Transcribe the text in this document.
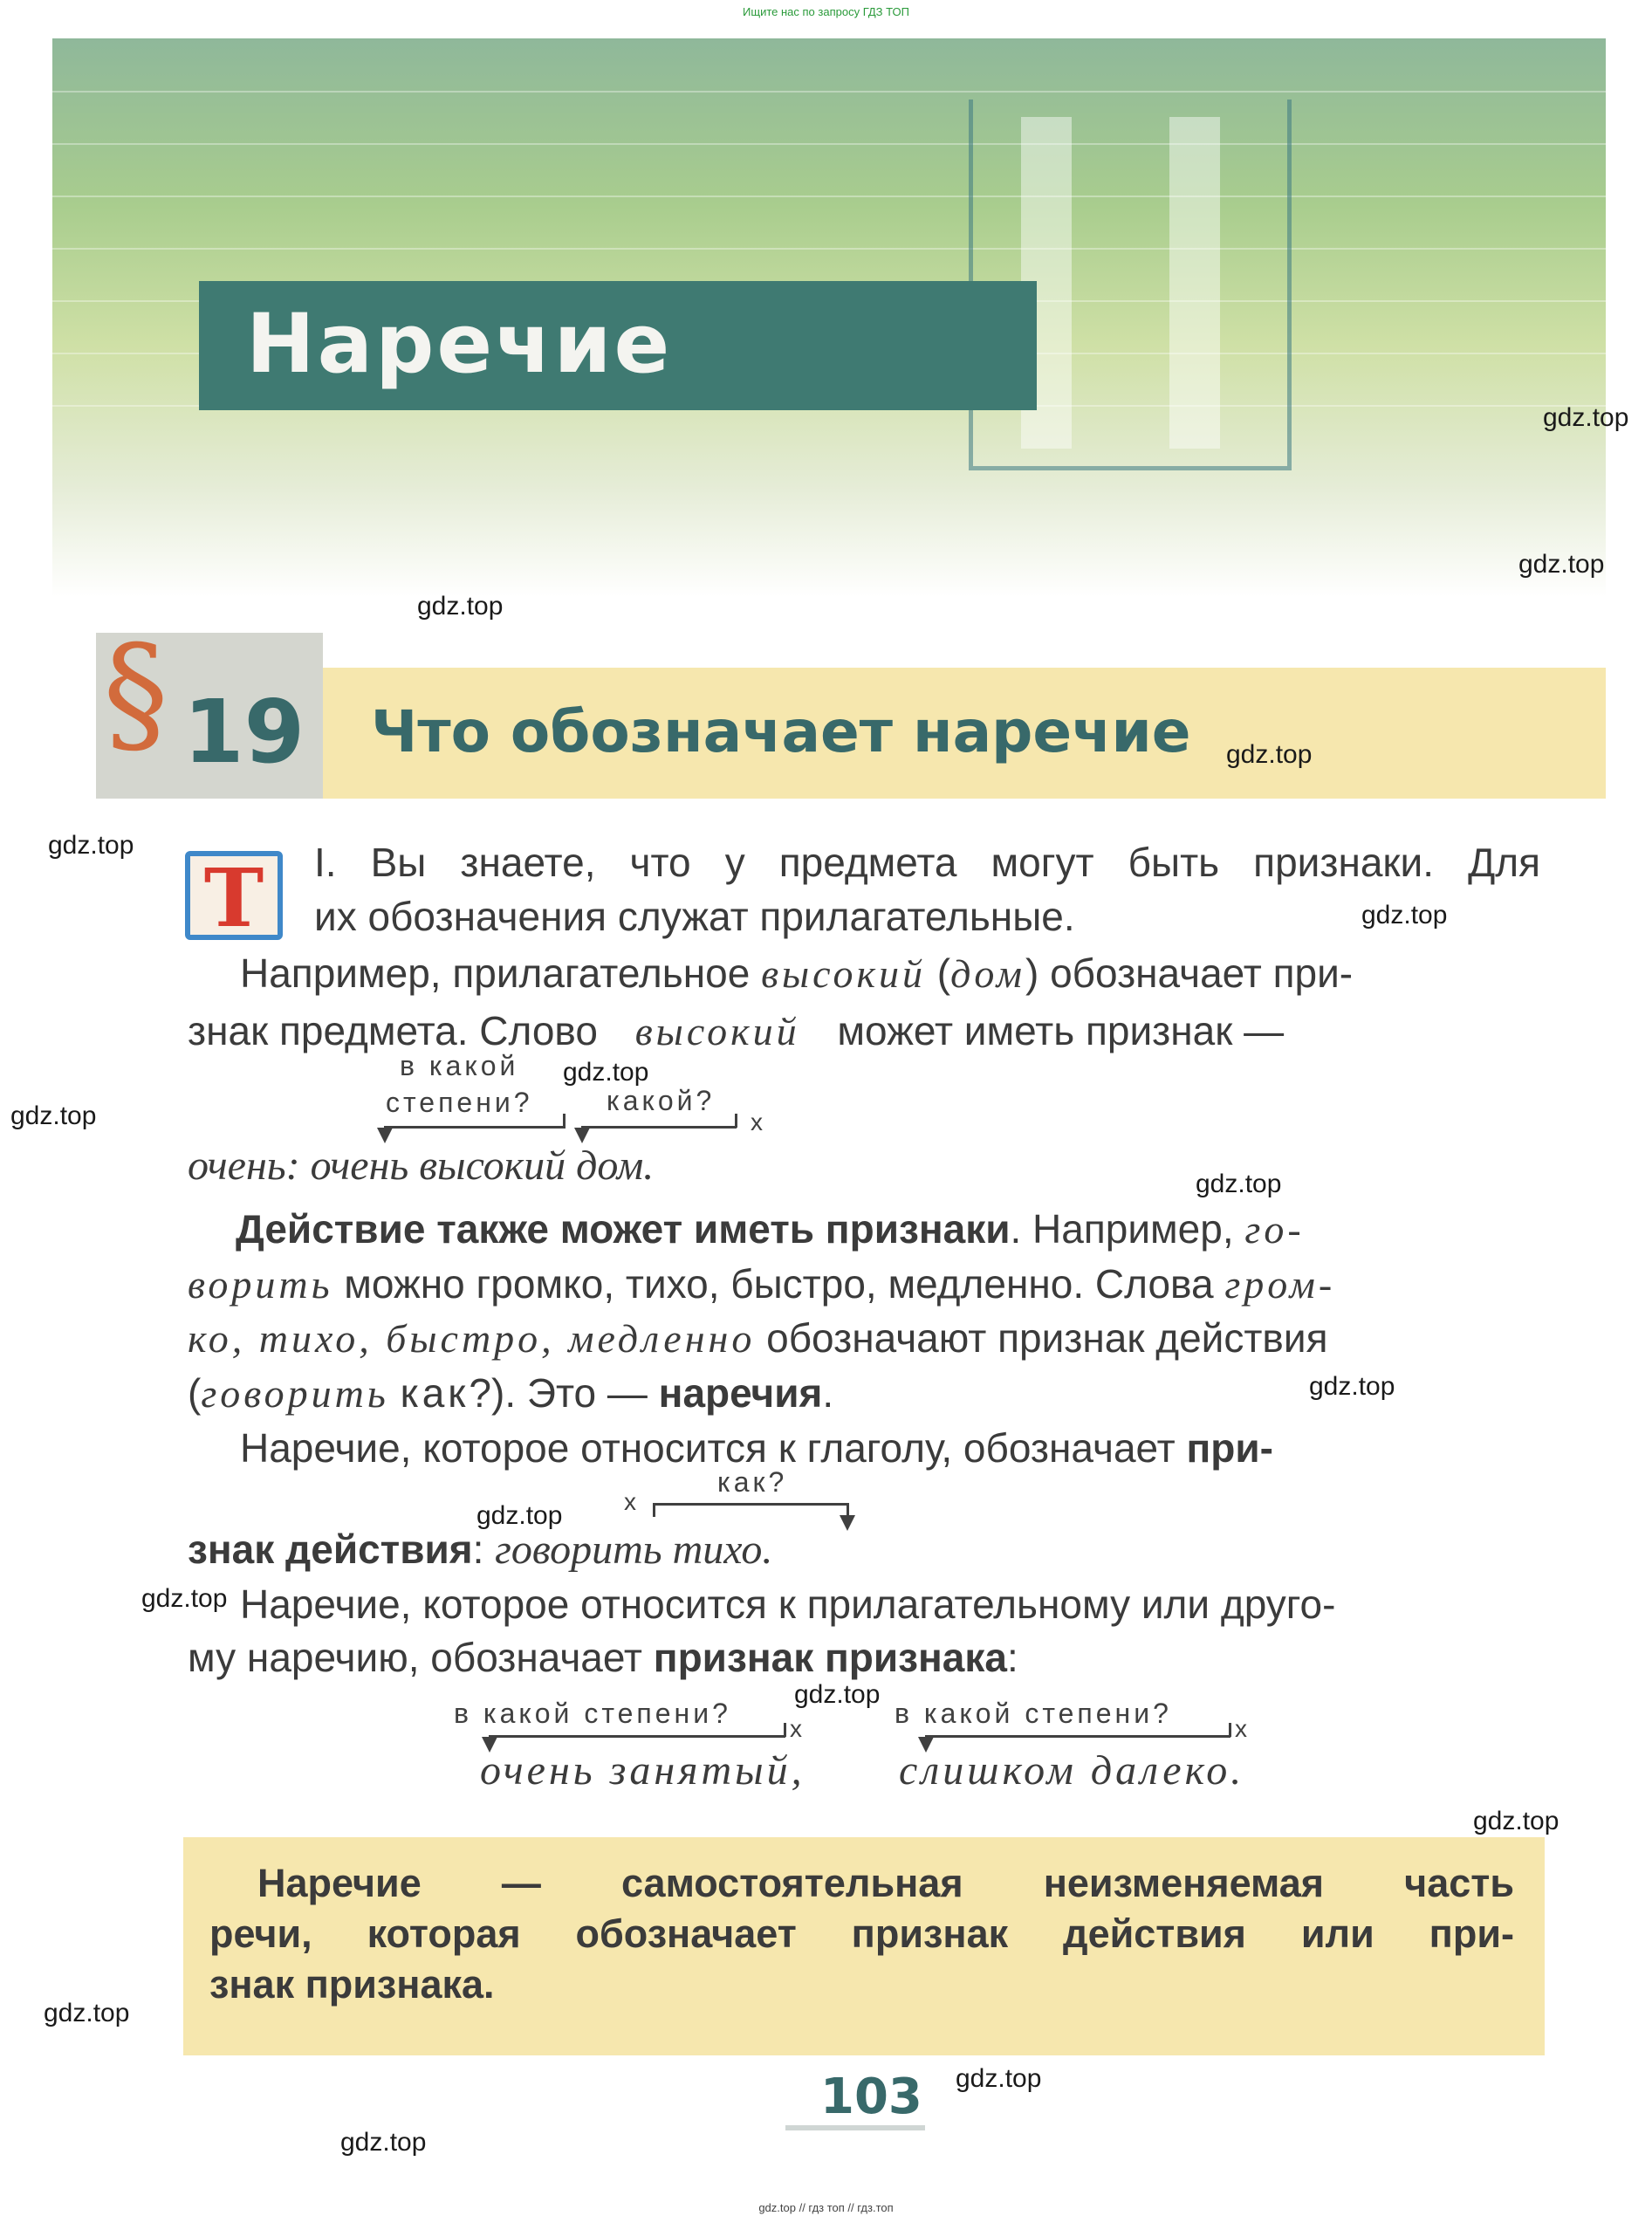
Ищите нас по запросу ГДЗ ТОП
Наречие
§ 19 Что обозначает наречие
Т	I. Вы знаете, что у предмета могут быть признаки. Для
их обозначения служат прилагательные.
Например, прилагательное высокий (дом) обозначает при-
знак предмета. Слово высокий может иметь признак —
в какой
степени?	какой?
х
очень: очень высокий дом.
Действие также может иметь признаки. Например, го-
ворить можно громко, тихо, быстро, медленно. Слова гром-
ко, тихо, быстро, медленно обозначают признак действия
(говорить как?). Это — наречия.
Наречие, которое относится к глаголу, обозначает при-
как?
х
знак действия: говорить тихо.
Наречие, которое относится к прилагательному или друго-
му наречию, обозначает признак признака:
в какой степени? х	в какой степени?	х
очень занятый, слишком далеко.
Наречие — самостоятельная неизменяемая часть
речи, которая обозначает признак действия или при-
знак признака.
103
gdz.top
gdz.top
gdz.top
gdz.top
gdz.top
gdz.top
gdz.top
gdz.top
gdz.top
gdz.top
gdz.top
gdz.top
gdz.top
gdz.top
gdz.top
gdz.top
gdz.top
gdz.top // гдз топ // гдз.топ
